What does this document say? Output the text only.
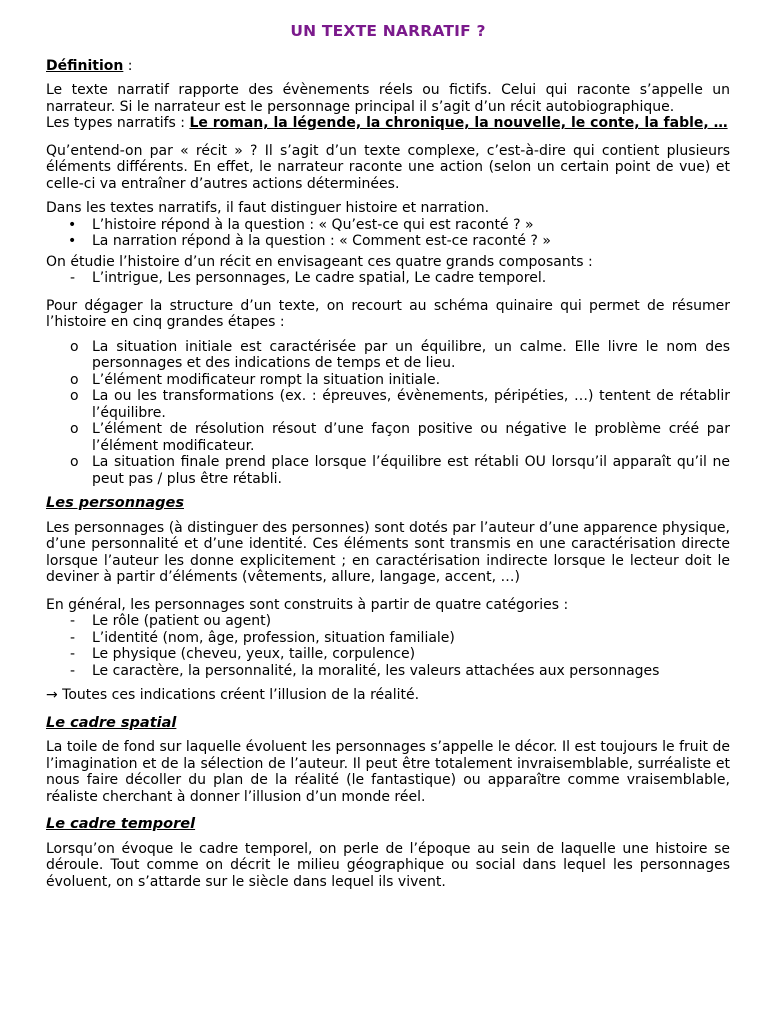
UN TEXTE NARRATIF ?

Définition :

Le texte narratif rapporte des évènements réels ou fictifs. Celui qui raconte s’appelle un narrateur. Si le narrateur est le personnage principal il s’agit d’un récit autobiographique.

Les types narratifs : Le roman, la légende, la chronique, la nouvelle, le conte, la fable, …

Qu’entend-on par « récit » ? Il s’agit d’un texte complexe, c’est-à-dire qui contient plusieurs éléments différents. En effet, le narrateur raconte une action (selon un certain point de vue) et celle-ci va entraîner d’autres actions déterminées.

Dans les textes narratifs, il faut distinguer histoire et narration.

• L’histoire répond à la question : « Qu’est-ce qui est raconté ? »
• La narration répond à la question : « Comment est-ce raconté ? »

On étudie l’histoire d’un récit en envisageant ces quatre grands composants :

- L’intrigue, Les personnages, Le cadre spatial, Le cadre temporel.

Pour dégager la structure d’un texte, on recourt au schéma quinaire qui permet de résumer l’histoire en cinq grandes étapes :

o La situation initiale est caractérisée par un équilibre, un calme. Elle livre le nom des personnages et des indications de temps et de lieu.
o L’élément modificateur rompt la situation initiale.
o La ou les transformations (ex. : épreuves, évènements, péripéties, …) tentent de rétablir l’équilibre.
o L’élément de résolution résout d’une façon positive ou négative le problème créé par l’élément modificateur.
o La situation finale prend place lorsque l’équilibre est rétabli OU lorsqu’il apparaît qu’il ne peut pas / plus être rétabli.

Les personnages

Les personnages (à distinguer des personnes) sont dotés par l’auteur d’une apparence physique, d’une personnalité et d’une identité. Ces éléments sont transmis en une caractérisation directe lorsque l’auteur les donne explicitement ; en caractérisation indirecte lorsque le lecteur doit le deviner à partir d’éléments (vêtements, allure, langage, accent, …)

En général, les personnages sont construits à partir de quatre catégories :

- Le rôle (patient ou agent)
- L’identité (nom, âge, profession, situation familiale)
- Le physique (cheveu, yeux, taille, corpulence)
- Le caractère, la personnalité, la moralité, les valeurs attachées aux personnages

→ Toutes ces indications créent l’illusion de la réalité.

Le cadre spatial

La toile de fond sur laquelle évoluent les personnages s’appelle le décor. Il est toujours le fruit de l’imagination et de la sélection de l’auteur. Il peut être totalement invraisemblable, surréaliste et nous faire décoller du plan de la réalité (le fantastique) ou apparaître comme vraisemblable, réaliste cherchant à donner l’illusion d’un monde réel.

Le cadre temporel

Lorsqu’on évoque le cadre temporel, on perle de l’époque au sein de laquelle une histoire se déroule. Tout comme on décrit le milieu géographique ou social dans lequel les personnages évoluent, on s’attarde sur le siècle dans lequel ils vivent.
